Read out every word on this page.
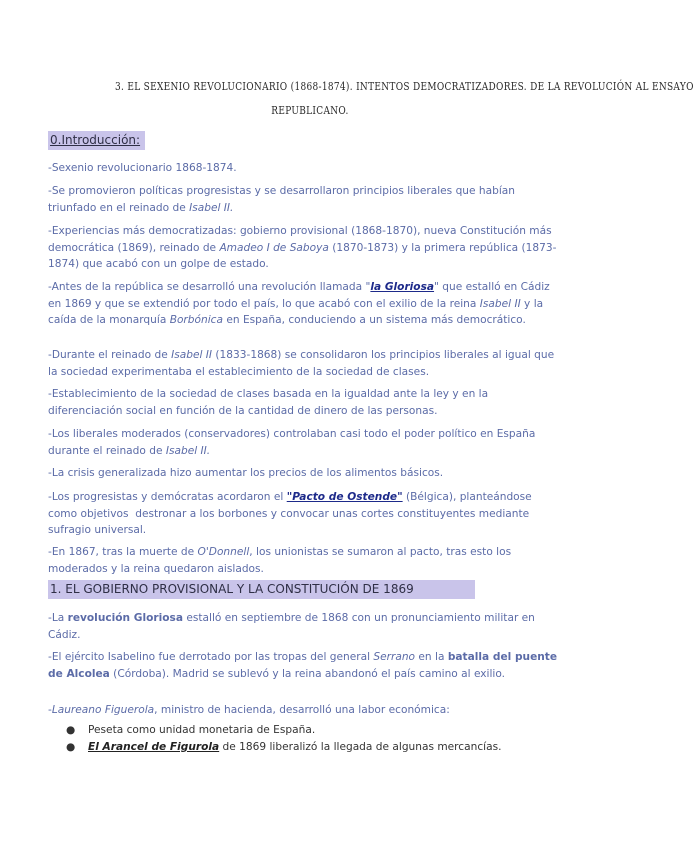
3. EL SEXENIO REVOLUCIONARIO (1868-1874). INTENTOS DEMOCRATIZADORES. DE LA REVOLUCIÓN AL ENSAYO
REPUBLICANO.
0.Introducción:
-Sexenio revolucionario 1868-1874.
-Se promovieron políticas progresistas y se desarrollaron principios liberales que habían triunfado en el reinado de Isabel II.
-Experiencias más democratizadas: gobierno provisional (1868-1870), nueva Constitución más democrática (1869), reinado de Amadeo I de Saboya (1870-1873) y la primera república (1873-1874) que acabó con un golpe de estado.
-Antes de la república se desarrolló una revolución llamada "la Gloriosa" que estalló en Cádiz en 1869 y que se extendió por todo el país, lo que acabó con el exilio de la reina Isabel II y la caída de la monarquía Borbónica en España, conduciendo a un sistema más democrático.
-Durante el reinado de Isabel II (1833-1868) se consolidaron los principios liberales al igual que la sociedad experimentaba el establecimiento de la sociedad de clases.
-Establecimiento de la sociedad de clases basada en la igualdad ante la ley y en la diferenciación social en función de la cantidad de dinero de las personas.
-Los liberales moderados (conservadores) controlaban casi todo el poder político en España durante el reinado de Isabel II.
-La crisis generalizada hizo aumentar los precios de los alimentos básicos.
-Los progresistas y demócratas acordaron el "Pacto de Ostende" (Bélgica), planteándose como objetivos  destronar a los borbones y convocar unas cortes constituyentes mediante sufragio universal.
-En 1867, tras la muerte de O'Donnell, los unionistas se sumaron al pacto, tras esto los moderados y la reina quedaron aislados.
1. EL GOBIERNO PROVISIONAL Y LA CONSTITUCIÓN DE 1869
-La revolución Gloriosa estalló en septiembre de 1868 con un pronunciamiento militar en Cádiz.
-El ejército Isabelino fue derrotado por las tropas del general Serrano en la batalla del puente de Alcolea (Córdoba). Madrid se sublevó y la reina abandonó el país camino al exilio.
-Laureano Figuerola, ministro de hacienda, desarrolló una labor económica:
● Peseta como unidad monetaria de España.
● El Arancel de Figurola de 1869 liberalizó la llegada de algunas mercancías.
